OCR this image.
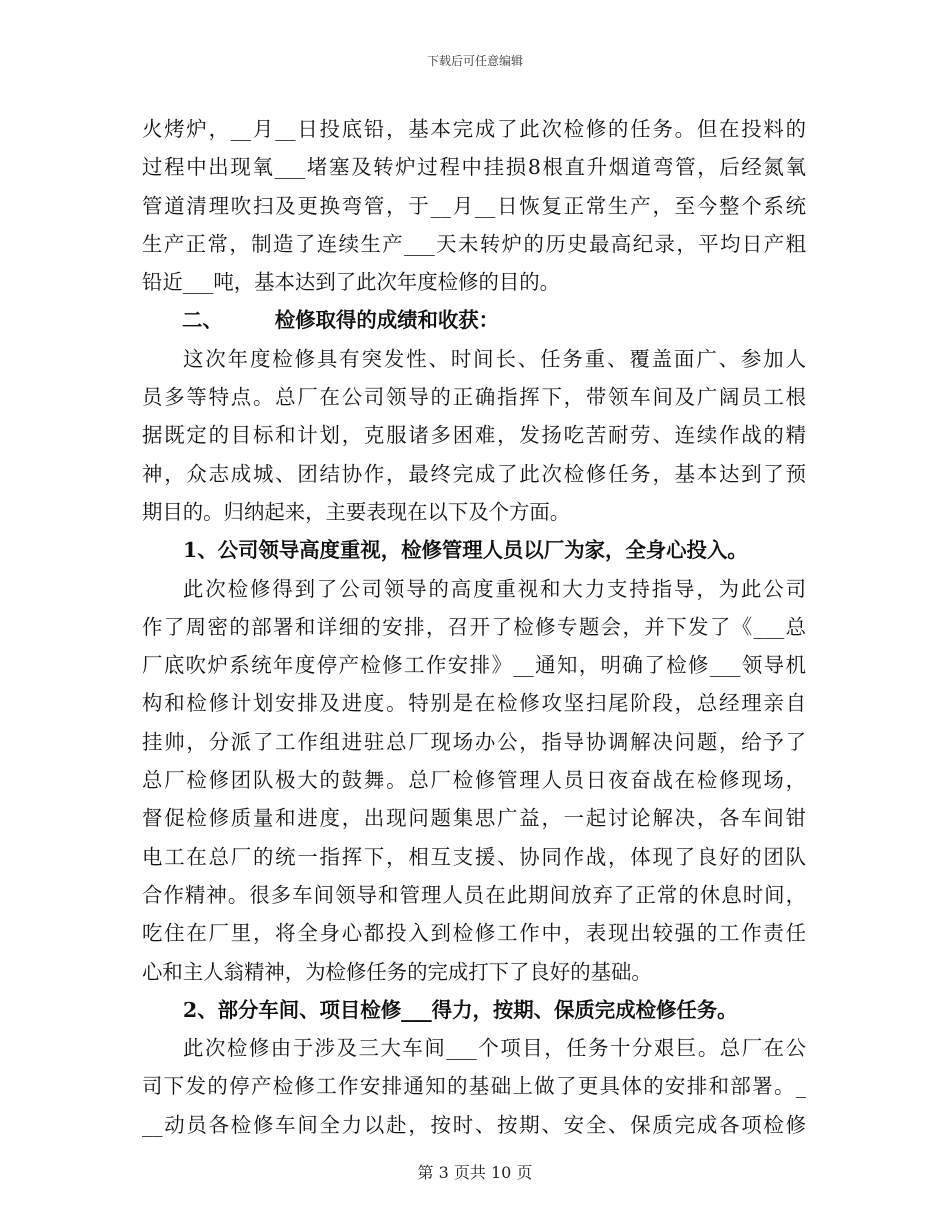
下载后可任意编辑
火烤炉，__月__日投底铅，基本完成了此次检修的任务。但在投料的
过程中出现氧___堵塞及转炉过程中挂损8根直升烟道弯管，后经氮氧
管道清理吹扫及更换弯管，于__月__日恢复正常生产，至今整个系统
生产正常，制造了连续生产___天未转炉的历史最高纪录，平均日产粗
铅近___吨，基本达到了此次年度检修的目的。
二、	检修取得的成绩和收获：
这次年度检修具有突发性、时间长、任务重、覆盖面广、参加人
员多等特点。总厂在公司领导的正确指挥下，带领车间及广阔员工根
据既定的目标和计划，克服诸多困难，发扬吃苦耐劳、连续作战的精
神，众志成城、团结协作，最终完成了此次检修任务，基本达到了预
期目的。归纳起来，主要表现在以下及个方面。
1、公司领导高度重视，检修管理人员以厂为家，全身心投入。
此次检修得到了公司领导的高度重视和大力支持指导，为此公司
作了周密的部署和详细的安排，召开了检修专题会，并下发了《___总
厂底吹炉系统年度停产检修工作安排》__通知，明确了检修___领导机
构和检修计划安排及进度。特别是在检修攻坚扫尾阶段，总经理亲自
挂帅，分派了工作组进驻总厂现场办公，指导协调解决问题，给予了
总厂检修团队极大的鼓舞。总厂检修管理人员日夜奋战在检修现场，
督促检修质量和进度，出现问题集思广益，一起讨论解决，各车间钳
电工在总厂的统一指挥下，相互支援、协同作战，体现了良好的团队
合作精神。很多车间领导和管理人员在此期间放弃了正常的休息时间，
吃住在厂里，将全身心都投入到检修工作中，表现出较强的工作责任
心和主人翁精神，为检修任务的完成打下了良好的基础。
2、部分车间、项目检修___得力，按期、保质完成检修任务。
此次检修由于涉及三大车间___个项目，任务十分艰巨。总厂在公
司下发的停产检修工作安排通知的基础上做了更具体的安排和部署。_
__动员各检修车间全力以赴，按时、按期、安全、保质完成各项检修
第 3 页共 10 页
